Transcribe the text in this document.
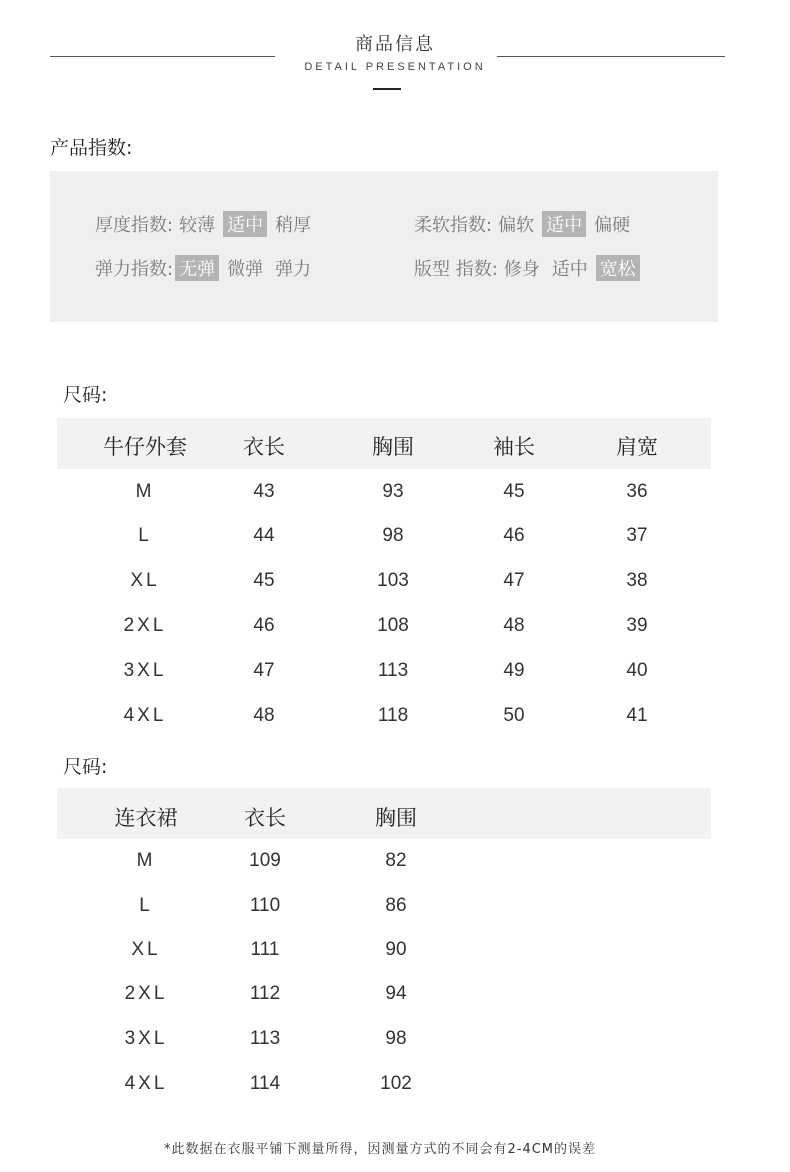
商品信息
DETAIL PRESENTATION
产品指数:
厚度指数: 较薄 适中 稍厚	柔软指数: 偏软 适中 偏硬
弹力指数: 无弹 微弹 弹力	版型 指数: 修身 适中 宽松
尺码:
牛仔外套	衣长	胸围	袖长	肩宽
M	43	93	45	36
L	44	98	46	37
XL	45	103	47	38
2XL	46	108	48	39
3XL	47	113	49	40
4XL	48	118	50	41
尺码:
连衣裙	衣长	胸围
M	109	82
L	110	86
XL	111	90
2XL	112	94
3XL	113	98
4XL	114	102
*此数据在衣服平铺下测量所得，因测量方式的不同会有2-4CM的误差
